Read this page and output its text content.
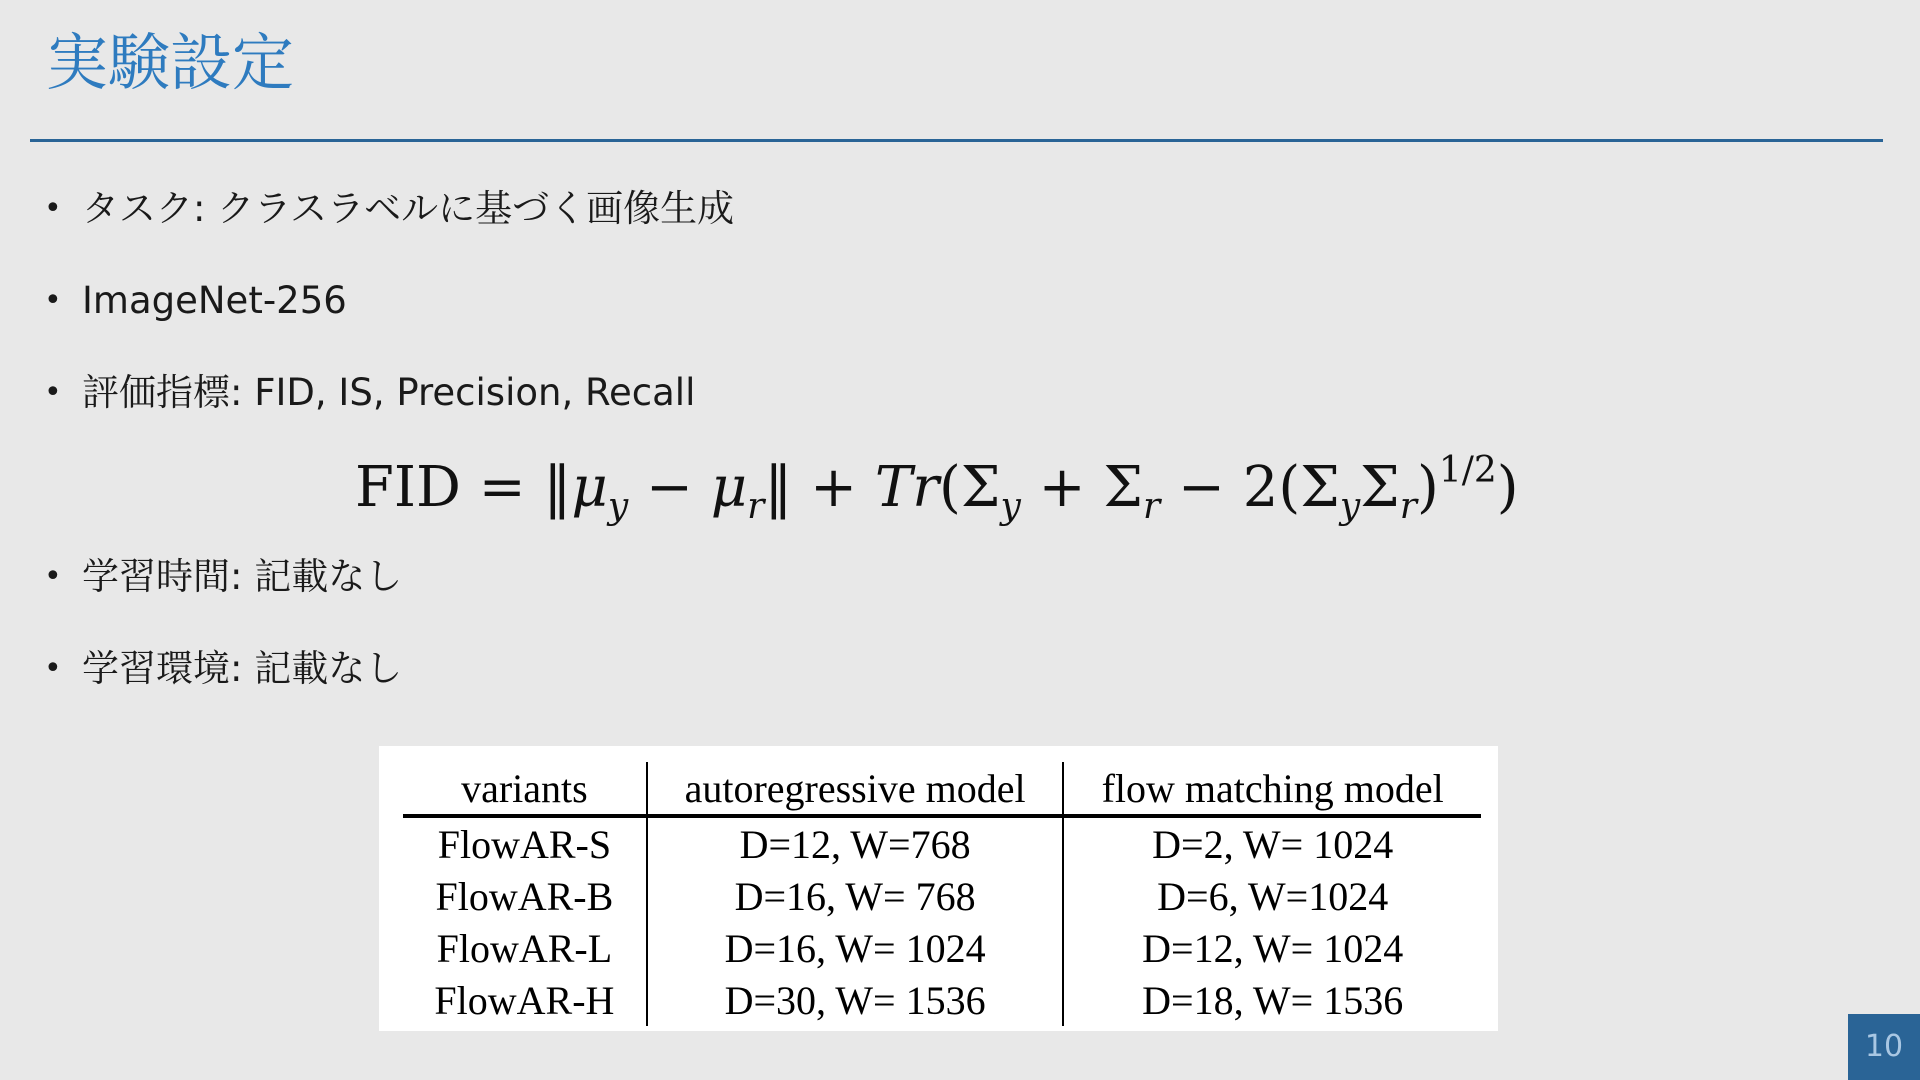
実験設定
• タスク: クラスラベルに基づく画像生成
• ImageNet-256
• 評価指標: FID, IS, Precision, Recall
FID = $‖\mu_y$ − $\mu_r‖ + Tr(\Sigma_y + \Sigma_r - 2(\Sigma_y\Sigma_r)^{1/2})$
• 学習時間: 記載なし
• 学習環境: 記載なし
variants	autoregressive model	flow matching model
FlowAR-S	D=12, W=768	D=2, W= 1024
FlowAR-B	D=16, W= 768	D=6, W=1024
FlowAR-L	D=16, W= 1024	D=12, W= 1024
FlowAR-H	D=30, W= 1536	D=18, W= 1536
10
